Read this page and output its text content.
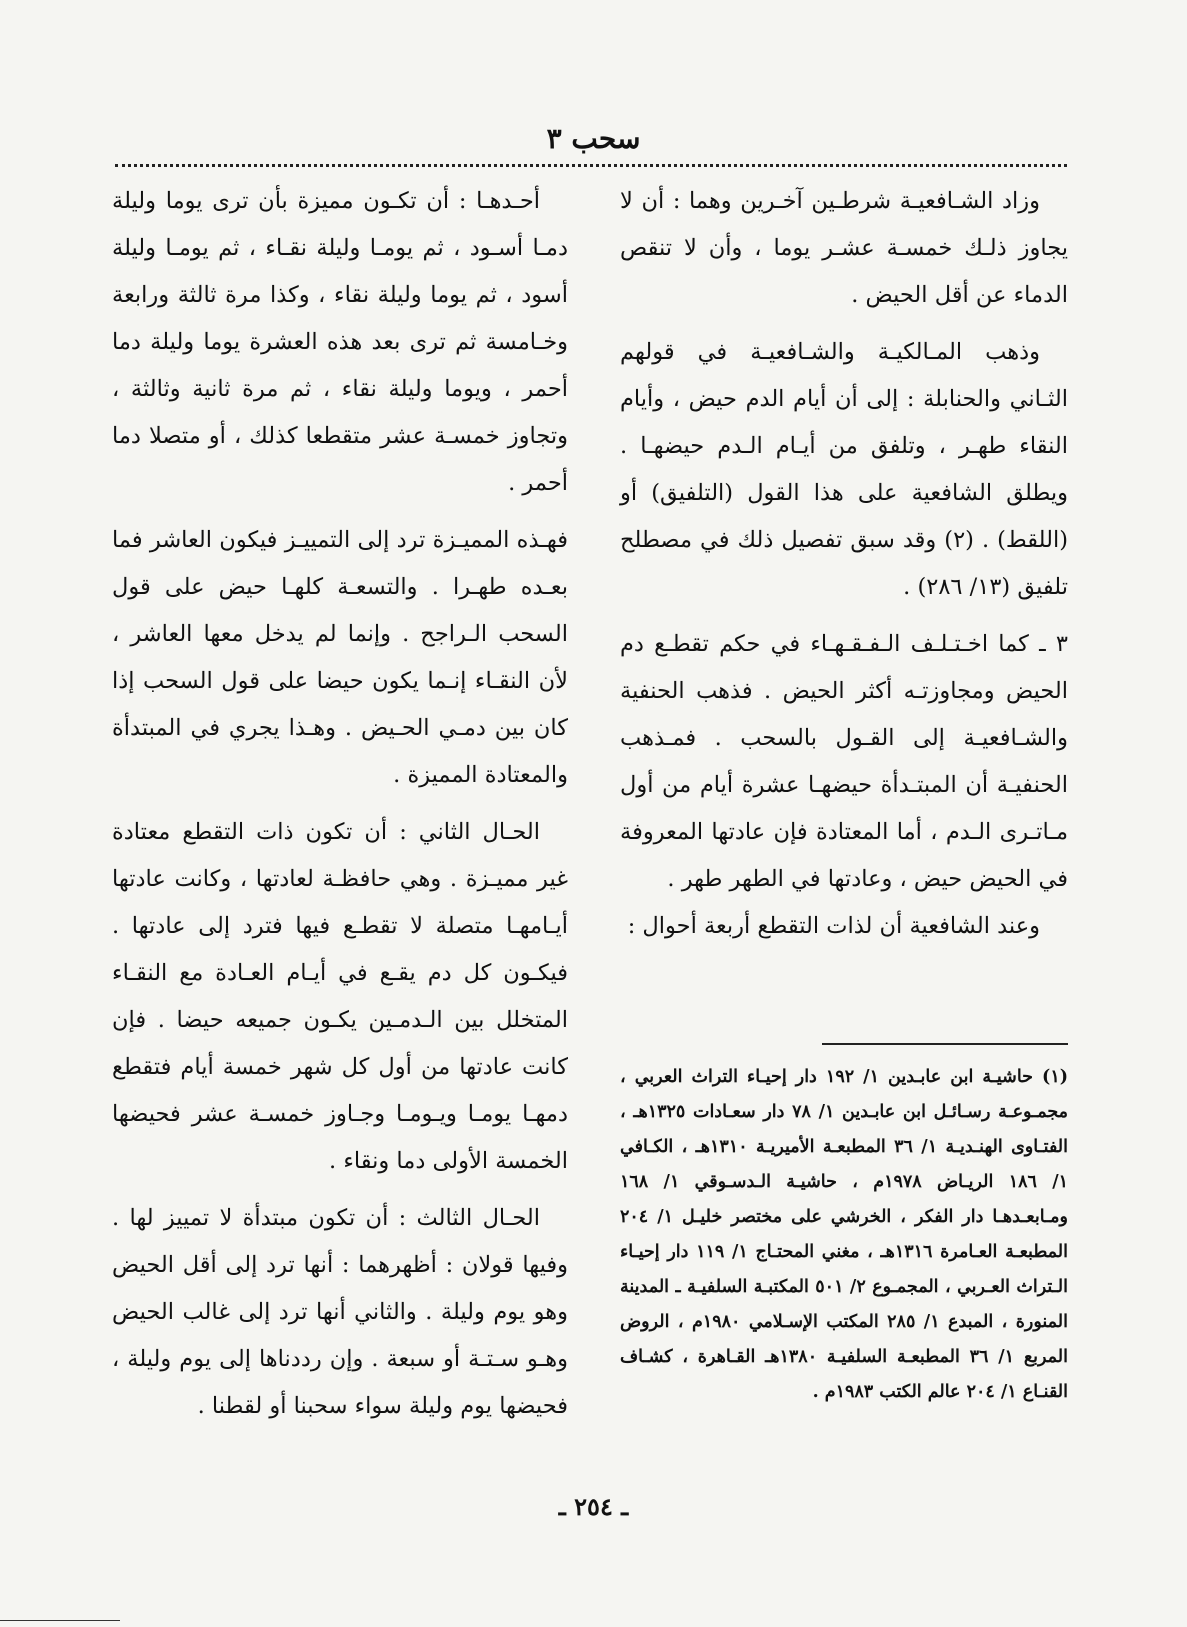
سحب ٣

وزاد الشـافعيـة شرطـين آخـرين وهما : أن لا يجاوز ذلـك خمسـة عشـر يوما ، وأن لا تنقص الدماء عن أقل الحيض .

وذهب المـالكيـة والشـافعيـة في قولهم الثـاني والحنابلة : إلى أن أيام الدم حيض ، وأيام النقاء طهـر ، وتلفق من أيـام الـدم حيضهـا . ويطلق الشافعية على هذا القول (التلفيق) أو (اللقط) . (٢) وقد سبق تفصيل ذلك في مصطلح تلفيق (١٣/ ٢٨٦) .

٣ ـ كما اخـتـلـف الـفـقـهـاء في حكم تقطـع دم الحيض ومجاوزتـه أكثر الحيض . فذهب الحنفية والشـافعيـة إلى القـول بالسحب . فمـذهب الحنفيـة أن المبتـدأة حيضهـا عشرة أيام من أول مـاتـرى الـدم ، أما المعتادة فإن عادتها المعروفة في الحيض حيض ، وعادتها في الطهر طهر .

وعند الشافعية أن لذات التقطع أربعة أحوال :

أحـدهـا : أن تكـون مميزة بأن ترى يوما وليلة دمـا أسـود ، ثم يومـا وليلة نقـاء ، ثم يومـا وليلة أسود ، ثم يوما وليلة نقاء ، وكذا مرة ثالثة ورابعة وخـامسة ثم ترى بعد هذه العشرة يوما وليلة دما أحمر ، ويوما وليلة نقاء ، ثم مرة ثانية وثالثة ، وتجاوز خمسـة عشر متقطعا كذلك ، أو متصلا دما أحمر .

فهـذه المميـزة ترد إلى التمييـز فيكون العاشر فما بعـده طهـرا . والتسعـة كلهـا حيض على قول السحب الـراجح . وإنما لم يدخل معها العاشر ، لأن النقـاء إنـما يكون حيضا على قول السحب إذا كان بين دمـي الحـيض . وهـذا يجري في المبتدأة والمعتادة المميزة .

الحـال الثاني : أن تكون ذات التقطع معتادة غير مميـزة . وهي حافظـة لعادتها ، وكانت عادتها أيـامهـا متصلة لا تقطـع فيها فترد إلى عادتها . فيكـون كل دم يقـع في أيـام العـادة مع النقـاء المتخلل بين الـدمـين يكـون جميعه حيضا . فإن كانت عادتها من أول كل شهر خمسة أيام فتقطع دمهـا يومـا ويـومـا وجـاوز خمسـة عشر فحيضها الخمسة الأولى دما ونقاء .

الحـال الثالث : أن تكون مبتدأة لا تمييز لها . وفيها قولان : أظهرهما : أنها ترد إلى أقل الحيض وهو يوم وليلة . والثاني أنها ترد إلى غالب الحيض وهـو سـتـة أو سبعة . وإن رددناها إلى يوم وليلة ، فحيضها يوم وليلة سواء سحبنا أو لقطنا .

(١) حاشيـة ابن عابـدين ١/ ١٩٢ دار إحيـاء التراث العربي ، مجمـوعـة رسـائـل ابن عابـدين ١/ ٧٨ دار سعـادات ١٣٢٥هـ ، الفتـاوى الهنـديـة ١/ ٣٦ المطبعـة الأميريـة ١٣١٠هـ ، الكـافي ١/ ١٨٦ الريـاض ١٩٧٨م ، حاشيـة الـدسـوقي ١/ ١٦٨ ومـابعـدهـا دار الفكر ، الخرشي على مختصر خليـل ١/ ٢٠٤ المطبعـة العـامرة ١٣١٦هـ ، مغني المحتـاج ١/ ١١٩ دار إحيـاء الـتراث العـربي ، المجمـوع ٢/ ٥٠١ المكتبـة السلفيـة ـ المدينة المنورة ، المبدع ١/ ٢٨٥ المكتب الإسـلامي ١٩٨٠م ، الروض المربع ١/ ٣٦ المطبعـة السلفيـة ١٣٨٠هـ القـاهرة ، كشـاف القنـاع ١/ ٢٠٤ عالم الكتب ١٩٨٣م .

ـ ٢٥٤ ـ
